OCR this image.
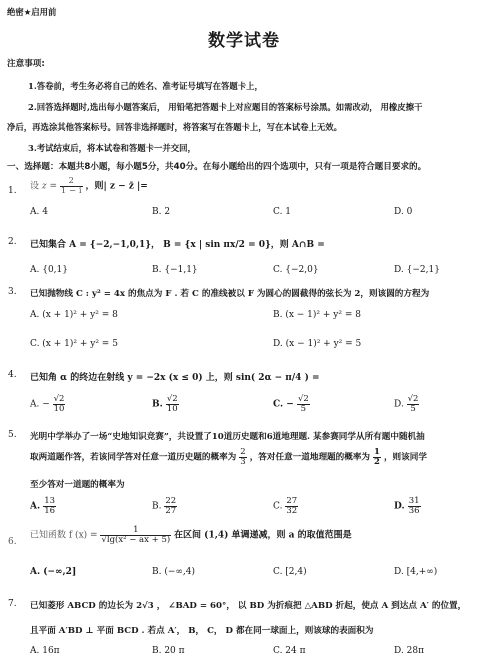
绝密★启用前
数学试卷
注意事项:
1.答卷前，考生务必将自己的姓名、准考证号填写在答题卡上，
2.回答选择题时,选出每小题答案后， 用铅笔把答题卡上对应题目的答案标号涂黑。如需改动， 用橡皮擦干
净后，再选涂其他答案标号。回答非选择题时，将答案写在答题卡上，写在本试卷上无效。
3.考试结束后，将本试卷和答题卡一并交回，
一、选择题：本题共8小题，每小题5分，共40分。在每小题给出的四个选项中，只有一项是符合题目要求的。
1. 设 $z = \frac{2}{1 - i}$ ，则| z − z̄ |=
A. 4	B. 2	C. 1	D. 0
2. 已知集合 A = {−2,−1,0,1}， B = {x | sin πx/2 = 0}，则 A∩B =
A. {0,1}	B. {−1,1}	C. {−2,0}	D. {−2,1}
3. 已知抛物线 C : y² = 4x 的焦点为 F . 若 C 的准线被以 F 为圆心的圆截得的弦长为 2，则该圆的方程为
A. (x + 1)² + y² = 8	B. (x − 1)² + y² = 8
C. (x + 1)² + y² = 5	D. (x − 1)² + y² = 5
4. 已知角 α 的终边在射线 y = −2x (x ≤ 0) 上，则 sin( 2α − π/4 ) =
A. − $\frac{√2}{10}$	B. $\frac{√2}{10}$	C. − $\frac{√2}{5}$	D. $\frac{√2}{5}$
5. 光明中学举办了一场“史地知识竞赛”，共设置了10道历史题和6道地理题. 某参赛同学从所有题中随机抽
取两道题作答，若该同学答对任意一道历史题的概率为 $\frac{2}{3}$ ，答对任意一道地理题的概率为 $\frac{1}{2}$ ，则该同学
至少答对一道题的概率为
A. $\frac{13}{16}$	B. $\frac{22}{27}$	C. $\frac{27}{32}$	D. $\frac{31}{36}$
6.
已知函数 f $(x) = \frac{1}{\text{√lg(x² − ax + 5)}}$ 在区间 (1,4) 单调递减，则 a 的取值范围是
A. (−∞,2]	B. (−∞,4)	C. [2,4)	D. [4,+∞)
7. 已知菱形 ABCD 的边长为 2√3 ， ∠BAD = 60°， 以 BD 为折痕把 △ABD 折起，使点 A 到达点 A′ 的位置，
且平面 A′BD ⊥ 平面 BCD . 若点 A′， B， C， D 都在同一球面上，则该球的表面积为
A. 16π	B. 20 π	C. 24 π	D. 28π
